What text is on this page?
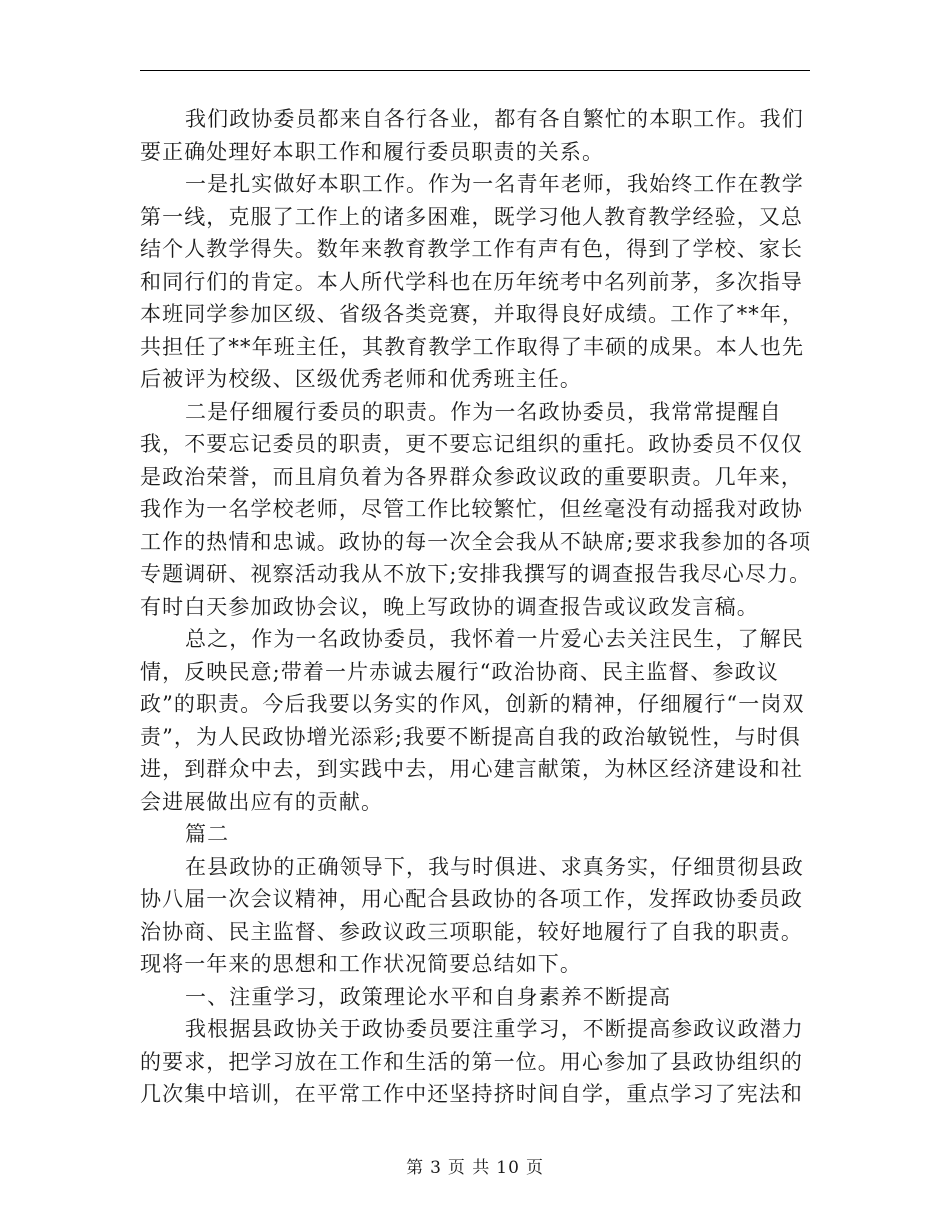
我们政协委员都来自各行各业，都有各自繁忙的本职工作。我们要正确处理好本职工作和履行委员职责的关系。

一是扎实做好本职工作。作为一名青年老师，我始终工作在教学第一线，克服了工作上的诸多困难，既学习他人教育教学经验，又总结个人教学得失。数年来教育教学工作有声有色，得到了学校、家长和同行们的肯定。本人所代学科也在历年统考中名列前茅，多次指导本班同学参加区级、省级各类竞赛，并取得良好成绩。工作了**年，共担任了**年班主任，其教育教学工作取得了丰硕的成果。本人也先后被评为校级、区级优秀老师和优秀班主任。

二是仔细履行委员的职责。作为一名政协委员，我常常提醒自我，不要忘记委员的职责，更不要忘记组织的重托。政协委员不仅仅是政治荣誉，而且肩负着为各界群众参政议政的重要职责。几年来，我作为一名学校老师，尽管工作比较繁忙，但丝毫没有动摇我对政协工作的热情和忠诚。政协的每一次全会我从不缺席;要求我参加的各项专题调研、视察活动我从不放下;安排我撰写的调查报告我尽心尽力。有时白天参加政协会议，晚上写政协的调查报告或议政发言稿。

总之，作为一名政协委员，我怀着一片爱心去关注民生，了解民情，反映民意;带着一片赤诚去履行“政治协商、民主监督、参政议政”的职责。今后我要以务实的作风，创新的精神，仔细履行“一岗双责”，为人民政协增光添彩;我要不断提高自我的政治敏锐性，与时俱进，到群众中去，到实践中去，用心建言献策，为林区经济建设和社会进展做出应有的贡献。

篇二

在县政协的正确领导下，我与时俱进、求真务实，仔细贯彻县政协八届一次会议精神，用心配合县政协的各项工作，发挥政协委员政治协商、民主监督、参政议政三项职能，较好地履行了自我的职责。现将一年来的思想和工作状况简要总结如下。

一、注重学习，政策理论水平和自身素养不断提高

我根据县政协关于政协委员要注重学习，不断提高参政议政潜力的要求，把学习放在工作和生活的第一位。用心参加了县政协组织的几次集中培训，在平常工作中还坚持挤时间自学，重点学习了宪法和

第 3 页 共 10 页
